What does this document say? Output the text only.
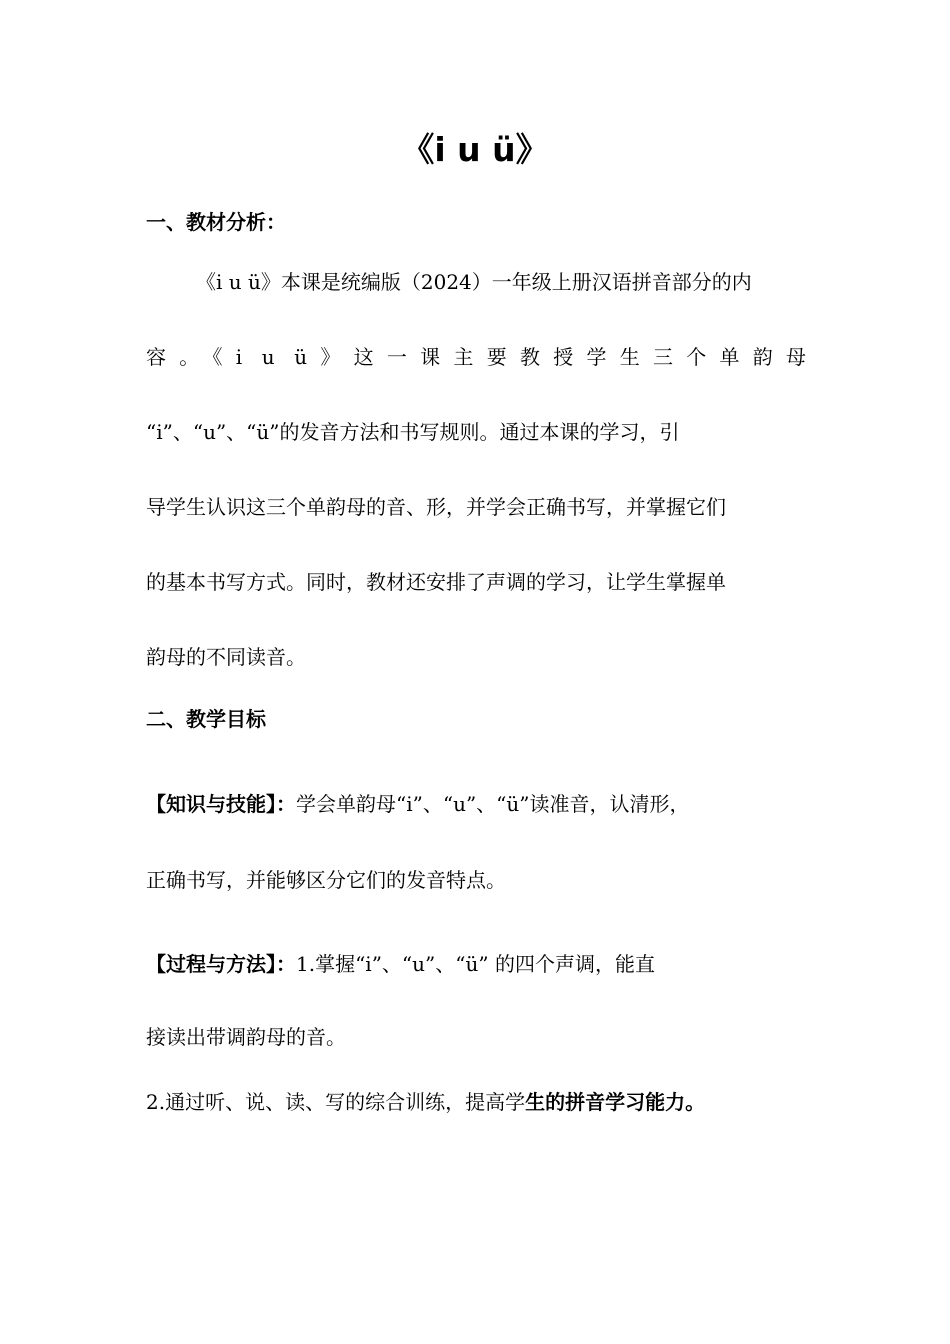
《i u ü》
一、教材分析：
《i u ü》本课是统编版（2024）一年级上册汉语拼音部分的内
容。《i u ü》这一课主要教授学生三个单韵母
“i”、“u”、“ü”的发音方法和书写规则。通过本课的学习，引
导学生认识这三个单韵母的音、形，并学会正确书写，并掌握它们
的基本书写方式。同时，教材还安排了声调的学习，让学生掌握单
韵母的不同读音。
二、教学目标
【知识与技能】：学会单韵母“i”、“u”、“ü”读准音，认清形，
正确书写，并能够区分它们的发音特点。
【过程与方法】：1.掌握“i”、“u”、“ü” 的四个声调，能直
接读出带调韵母的音。
2.通过听、说、读、写的综合训练，提高学生的拼音学习能力。
